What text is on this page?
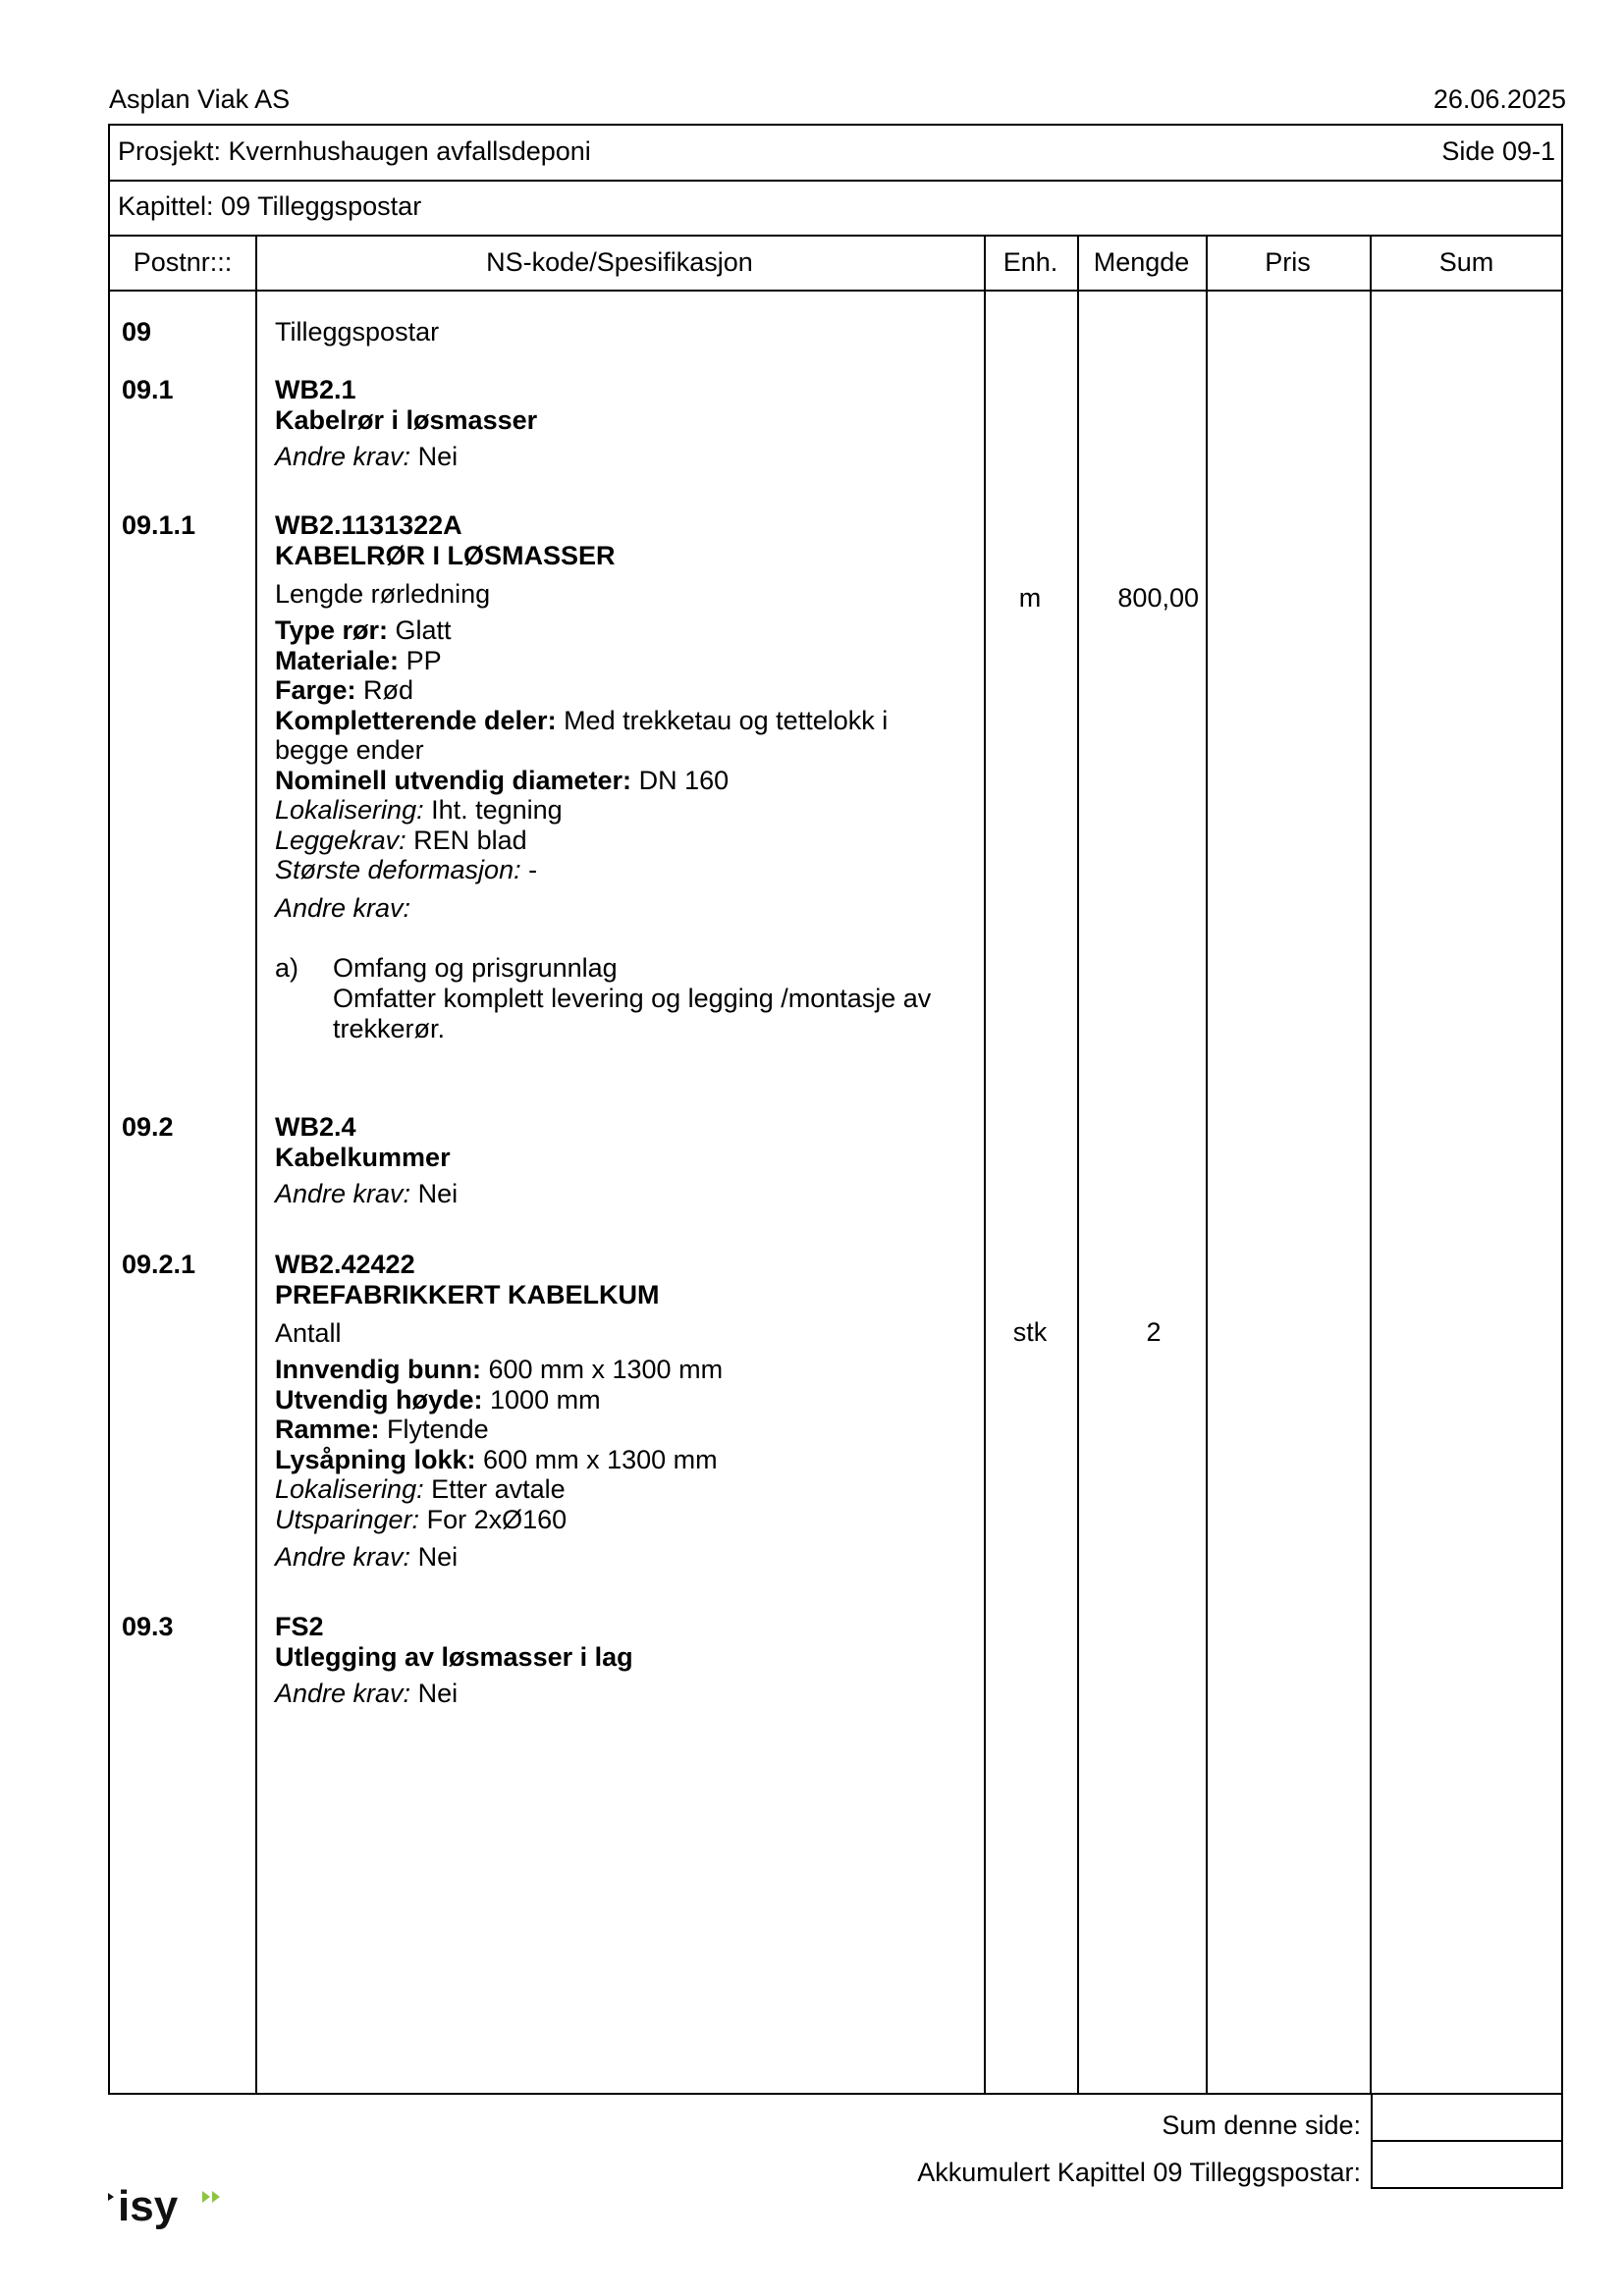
Asplan Viak AS	26.06.2025
Prosjekt: Kvernhushaugen avfallsdeponi	Side 09-1
Kapittel: 09 Tilleggspostar
Postnr:::	NS-kode/Spesifikasjon	Enh.	Mengde	Pris	Sum
09	Tilleggspostar
09.1	WB2.1
Kabelrør i løsmasser
Andre krav: Nei
09.1.1	WB2.1131322A
KABELRØR I LØSMASSER
Lengde rørledning
Type rør: Glatt
Materiale: PP
Farge: Rød
Kompletterende deler: Med trekketau og tettelokk i begge ender
Nominell utvendig diameter: DN 160
Lokalisering: Iht. tegning
Leggekrav: REN blad
Største deformasjon: -
Andre krav:
a) Omfang og prisgrunnlag
Omfatter komplett levering og legging /montasje av trekkerør.
m	800,00
09.2	WB2.4
Kabelkummer
Andre krav: Nei
09.2.1	WB2.42422
PREFABRIKKERT KABELKUM
Antall
Innvendig bunn: 600 mm x 1300 mm
Utvendig høyde: 1000 mm
Ramme: Flytende
Lysåpning lokk: 600 mm x 1300 mm
Lokalisering: Etter avtale
Utsparinger: For 2xØ160
Andre krav: Nei
stk	2
09.3	FS2
Utlegging av løsmasser i lag
Andre krav: Nei
Sum denne side:
Akkumulert Kapittel 09 Tilleggspostar:
isy
